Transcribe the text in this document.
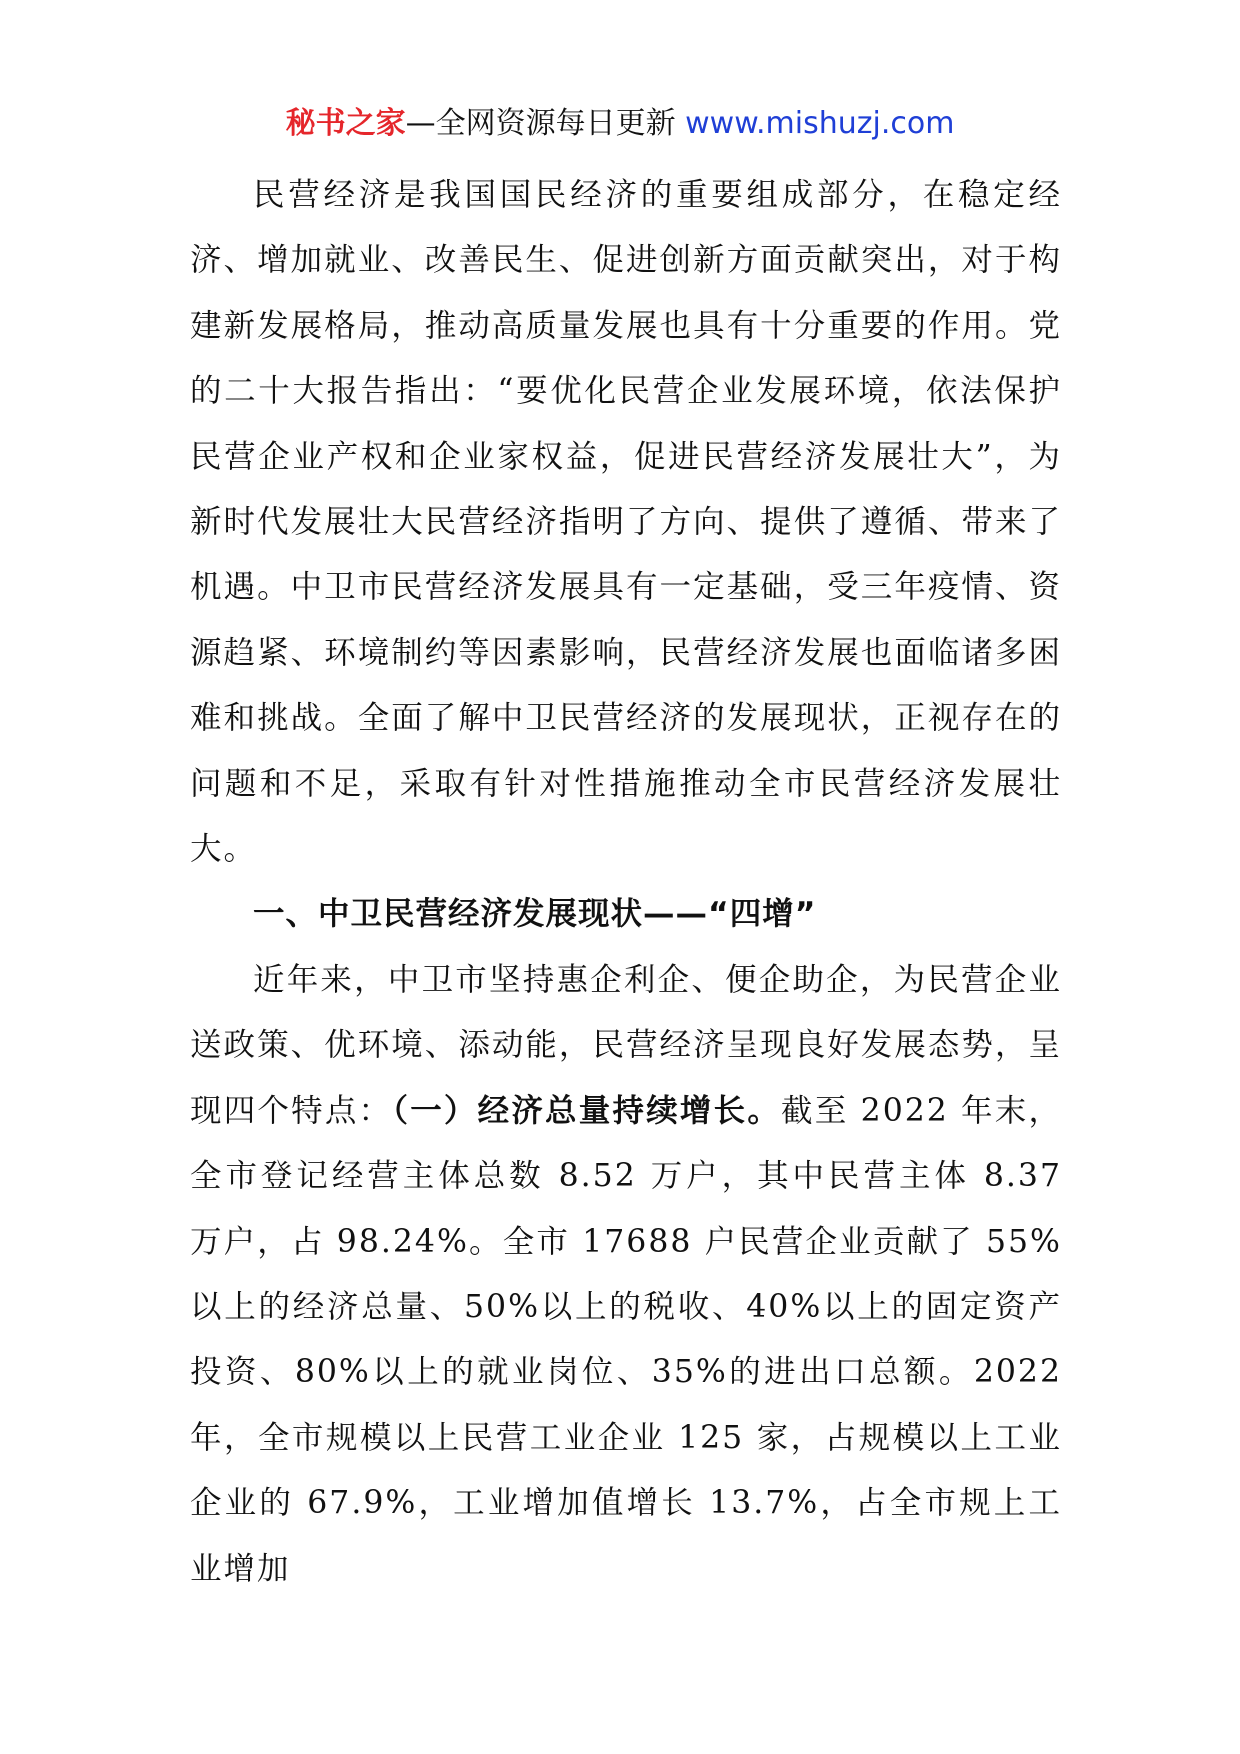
秘书之家—全网资源每日更新 www.mishuzj.com

民营经济是我国国民经济的重要组成部分，在稳定经济、增加就业、改善民生、促进创新方面贡献突出，对于构建新发展格局，推动高质量发展也具有十分重要的作用。党的二十大报告指出：“要优化民营企业发展环境，依法保护民营企业产权和企业家权益，促进民营经济发展壮大”，为新时代发展壮大民营经济指明了方向、提供了遵循、带来了机遇。中卫市民营经济发展具有一定基础，受三年疫情、资源趋紧、环境制约等因素影响，民营经济发展也面临诸多困难和挑战。全面了解中卫民营经济的发展现状，正视存在的问题和不足，采取有针对性措施推动全市民营经济发展壮大。

一、中卫民营经济发展现状——“四增”

近年来，中卫市坚持惠企利企、便企助企，为民营企业送政策、优环境、添动能，民营经济呈现良好发展态势，呈现四个特点：（一）经济总量持续增长。截至 2022 年末，全市登记经营主体总数 8.52 万户，其中民营主体 8.37 万户，占 98.24%。全市 17688 户民营企业贡献了 55%以上的经济总量、50%以上的税收、40%以上的固定资产投资、80%以上的就业岗位、35%的进出口总额。2022 年，全市规模以上民营工业企业 125 家，占规模以上工业企业的 67.9%，工业增加值增长 13.7%，占全市规上工业增加
